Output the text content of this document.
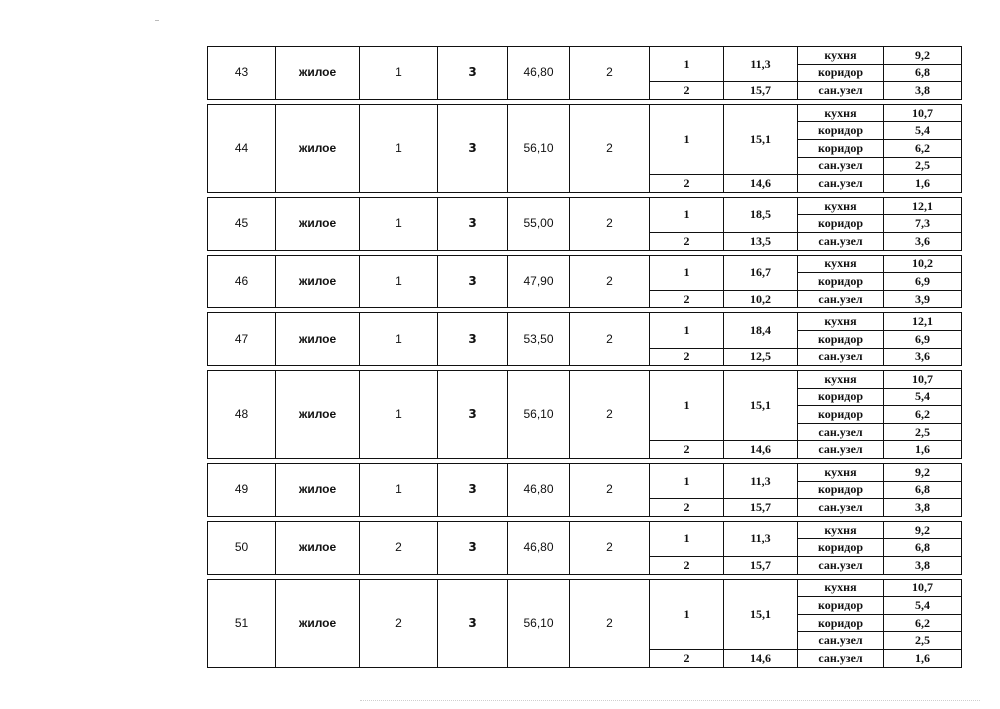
43	жилое	1	3	46,80	2	1	11,3	кухня	9,2
								коридор	6,8
						2	15,7	сан.узел	3,8

44	жилое	1	3	56,10	2	1	15,1	кухня	10,7
								коридор	5,4
								коридор	6,2
								сан.узел	2,5
						2	14,6	сан.узел	1,6

45	жилое	1	3	55,00	2	1	18,5	кухня	12,1
								коридор	7,3
						2	13,5	сан.узел	3,6

46	жилое	1	3	47,90	2	1	16,7	кухня	10,2
								коридор	6,9
						2	10,2	сан.узел	3,9

47	жилое	1	3	53,50	2	1	18,4	кухня	12,1
								коридор	6,9
						2	12,5	сан.узел	3,6

48	жилое	1	3	56,10	2	1	15,1	кухня	10,7
								коридор	5,4
								коридор	6,2
								сан.узел	2,5
						2	14,6	сан.узел	1,6

49	жилое	1	3	46,80	2	1	11,3	кухня	9,2
								коридор	6,8
						2	15,7	сан.узел	3,8

50	жилое	2	3	46,80	2	1	11,3	кухня	9,2
								коридор	6,8
						2	15,7	сан.узел	3,8

51	жилое	2	3	56,10	2	1	15,1	кухня	10,7
								коридор	5,4
								коридор	6,2
								сан.узел	2,5
						2	14,6	сан.узел	1,6
